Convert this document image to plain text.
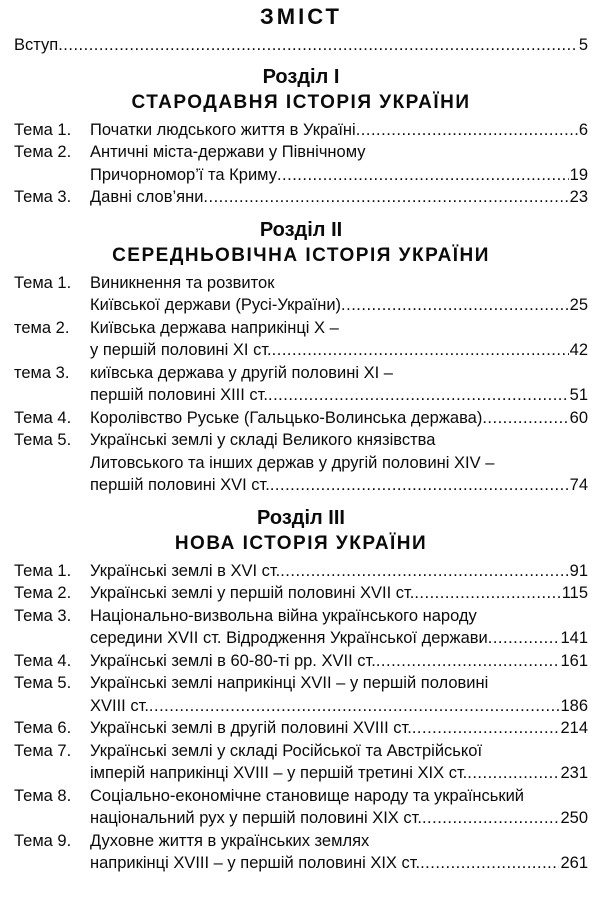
ЗМІСТ
Вступ .....	5
Розділ I
СТАРОДАВНЯ ІСТОРІЯ УКРАЇНИ
Тема 1.	Початки людського життя в Україні .....	6
Тема 2.	Античні міста-держави у Північному
Причорномор’ї та Криму .....	19
Тема 3.	Давні слов’яни .....	23
Розділ II
СЕРЕДНЬОВІЧНА ІСТОРІЯ УКРАЇНИ
Тема 1.	Виникнення та розвиток
Київської держави (Русі-України) .....	25
тема 2.	Київська держава наприкінці X –
у першій половині XI ст. .....	42
тема 3.	київська держава у другій половині XI –
першій половині XIII ст. .....	51
Тема 4.	Королівство Руське (Гальцько-Волинська держава) .....	60
Тема 5.	Українські землі у складі Великого князівства
Литовського та інших держав у другій половині XIV –
першій половині XVI ст. .....	74
Розділ III
НОВА ІСТОРІЯ УКРАЇНИ
Тема 1.	Українські землі в XVI ст. .....	91
Тема 2.	Українські землі у першій половині XVII ст. .....	115
Тема 3.	Національно-визвольна війна українського народу
середини XVII ст. Відродження Української держави .....	141
Тема 4.	Українські землі в 60-80-ті рр. XVII ст. .....	161
Тема 5.	Українські землі наприкінці XVII – у першій половині
XVIII ст. .....	186
Тема 6.	Українські землі в другій половині XVIII ст. .....	214
Тема 7.	Українські землі у складі Російської та Австрійської
імперій наприкінці XVIII – у першій третині XIX ст. .....	231
Тема 8.	Соціально-економічне становище народу та український
національний рух у першій половині XIX ст. .....	250
Тема 9.	Духовне життя в українських землях
наприкінці XVIII – у першій половині XIX ст. .....	261
